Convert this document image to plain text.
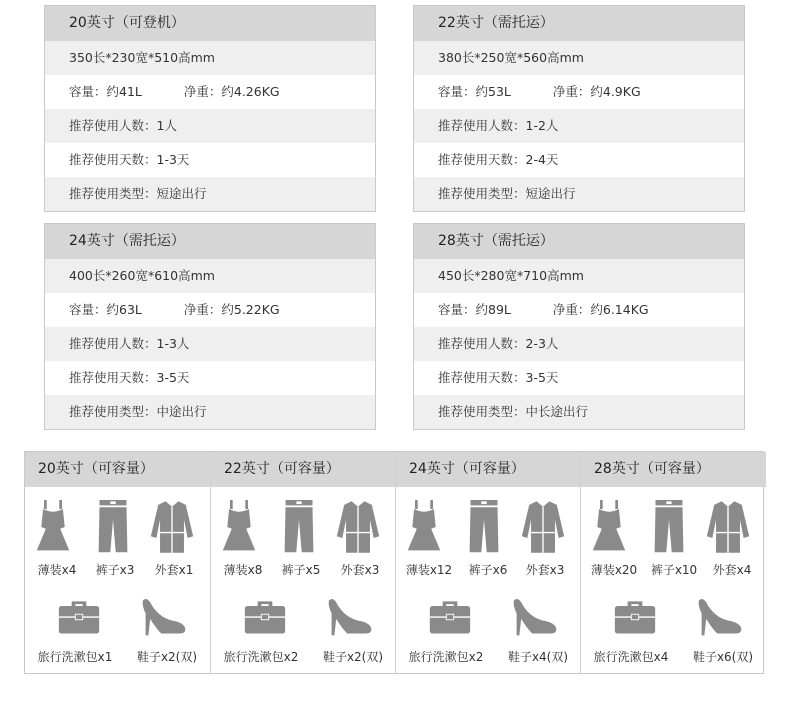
20英寸（可登机）
350长*230宽*510高mm
容量：约41L	净重：约4.26KG
推荐使用人数：1人
推荐使用天数：1-3天
推荐使用类型：短途出行
22英寸（需托运）
380长*250宽*560高mm
容量：约53L	净重：约4.9KG
推荐使用人数：1-2人
推荐使用天数：2-4天
推荐使用类型：短途出行
24英寸（需托运）
400长*260宽*610高mm
容量：约63L	净重：约5.22KG
推荐使用人数：1-3人
推荐使用天数：3-5天
推荐使用类型：中途出行
28英寸（需托运）
450长*280宽*710高mm
容量：约89L	净重：约6.14KG
推荐使用人数：2-3人
推荐使用天数：3-5天
推荐使用类型：中长途出行
20英寸（可容量）
薄装x4	裤子x3	外套x1
旅行洗漱包x1	鞋子x2(双)
22英寸（可容量）
薄装x8	裤子x5	外套x3
旅行洗漱包x2	鞋子x2(双)
24英寸（可容量）
薄装x12	裤子x6	外套x3
旅行洗漱包x2	鞋子x4(双)
28英寸（可容量）
薄装x20	裤子x10	外套x4
旅行洗漱包x4	鞋子x6(双)
